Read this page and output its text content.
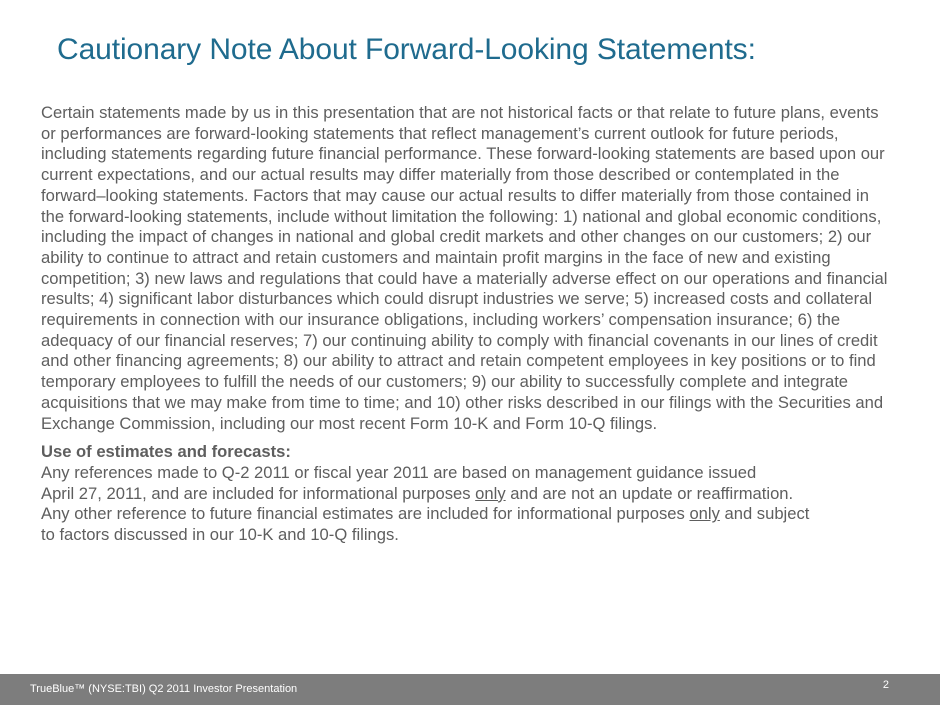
Cautionary Note About Forward-Looking Statements:

Certain statements made by us in this presentation that are not historical facts or that relate to future plans, events or performances are forward-looking statements that reflect management’s current outlook for future periods, including statements regarding future financial performance. These forward-looking statements are based upon our current expectations, and our actual results may differ materially from those described or contemplated in the forward–looking statements. Factors that may cause our actual results to differ materially from those contained in the forward-looking statements, include without limitation the following: 1) national and global economic conditions, including the impact of changes in national and global credit markets and other changes on our customers; 2) our ability to continue to attract and retain customers and maintain profit margins in the face of new and existing competition; 3) new laws and regulations that could have a materially adverse effect on our operations and financial results; 4) significant labor disturbances which could disrupt industries we serve; 5) increased costs and collateral requirements in connection with our insurance obligations, including workers’ compensation insurance; 6) the adequacy of our financial reserves; 7) our continuing ability to comply with financial covenants in our lines of credit and other financing agreements; 8) our ability to attract and retain competent employees in key positions or to find temporary employees to fulfill the needs of our customers; 9) our ability to successfully complete and integrate acquisitions that we may make from time to time; and 10) other risks described in our filings with the Securities and Exchange Commission, including our most recent Form 10-K and Form 10-Q filings.

Use of estimates and forecasts:
Any references made to Q-2 2011 or fiscal year 2011 are based on management guidance issued
April 27, 2011, and are included for informational purposes only and are not an update or reaffirmation.
Any other reference to future financial estimates are included for informational purposes only and subject
to factors discussed in our 10-K and 10-Q filings.
TrueBlue™ (NYSE:TBI) Q2 2011 Investor Presentation	2
